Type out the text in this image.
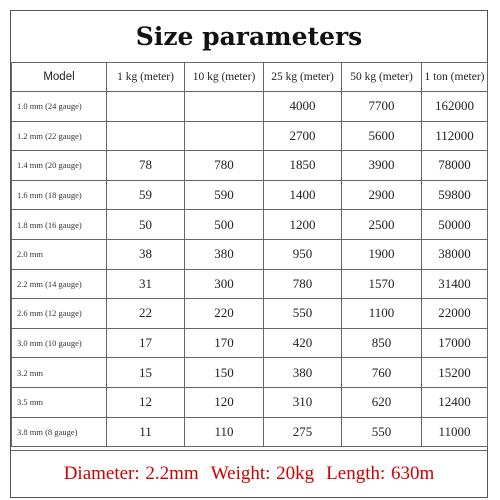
Size parameters
Model	1 kg (meter)	10 kg (meter)	25 kg (meter)	50 kg (meter)	1 ton (meter)
1.0 mm (24 gauge)			4000	7700	162000
1.2 mm (22 gauge)			2700	5600	112000
1.4 mm (20 gauge)	78	780	1850	3900	78000
1.6 mm (18 gauge)	59	590	1400	2900	59800
1.8 mm (16 gauge)	50	500	1200	2500	50000
2.0 mm	38	380	950	1900	38000
2.2 mm (14 gauge)	31	300	780	1570	31400
2.6 mm (12 gauge)	22	220	550	1100	22000
3.0 mm (10 gauge)	17	170	420	850	17000
3.2 mm	15	150	380	760	15200
3.5 mm	12	120	310	620	12400
3.8 mm (8 gauge)	11	110	275	550	11000
Diameter: 2.2mm Weight: 20kg Length: 630m
